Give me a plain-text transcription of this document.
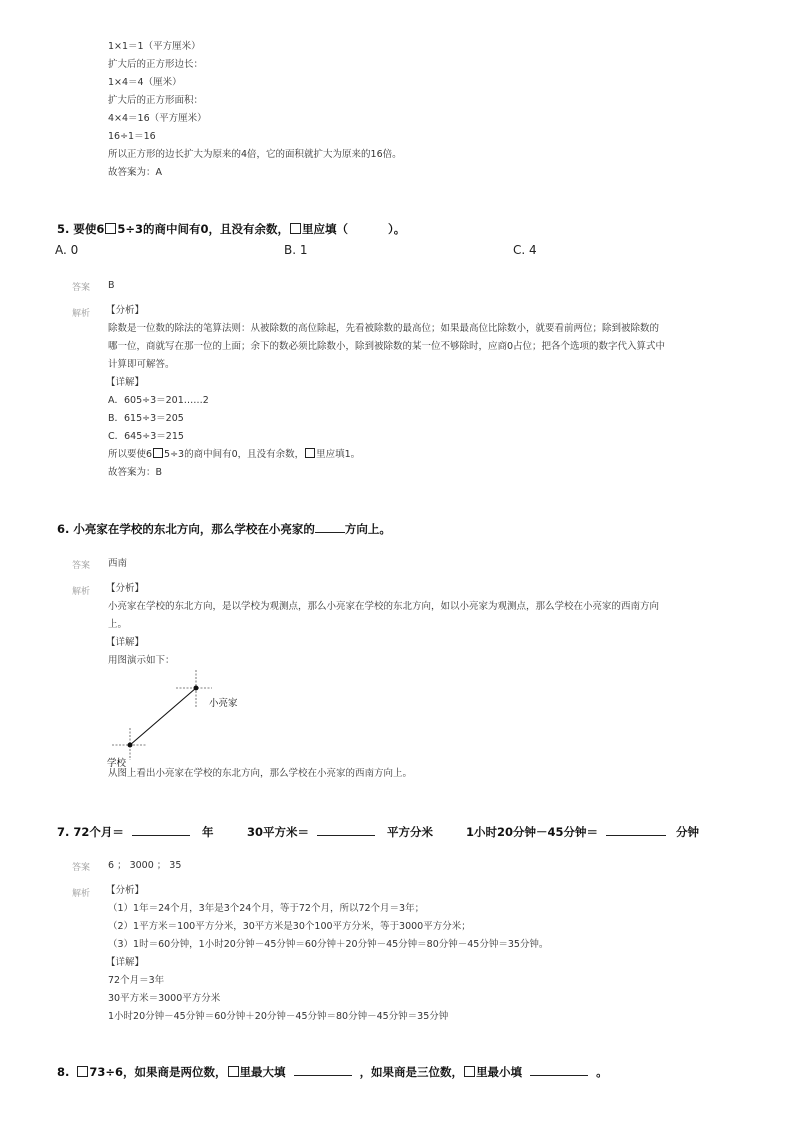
1×1＝1（平方厘米）
扩大后的正方形边长：
1×4＝4（厘米）
扩大后的正方形面积：
4×4＝16（平方厘米）
16÷1＝16
所以正方形的边长扩大为原来的4倍，它的面积就扩大为原来的16倍。
故答案为：A
5. 要使6 5÷3的商中间有0，且没有余数， 里应填（	）。
A. 0	B. 1	C. 4
答案 B
解析 【分析】
除数是一位数的除法的笔算法则：从被除数的高位除起，先看被除数的最高位；如果最高位比除数小，就要看前两位；除到被除数的
哪一位，商就写在那一位的上面；余下的数必须比除数小，除到被除数的某一位不够除时，应商0占位；把各个选项的数字代入算式中
计算即可解答。
【详解】
A．605÷3＝201……2
B．615÷3＝205
C．645÷3＝215
所以要使6 5÷3的商中间有0，且没有余数， 里应填1。
故答案为：B
6. 小亮家在学校的东北方向，那么学校在小亮家的	方向上。
答案 西南
解析 【分析】
小亮家在学校的东北方向，是以学校为观测点，那么小亮家在学校的东北方向，如以小亮家为观测点，那么学校在小亮家的西南方向
上。
【详解】
用图演示如下：
小亮家
学校
从图上看出小亮家在学校的东北方向，那么学校在小亮家的西南方向上。
7. 72个月＝	年	30平方米＝	平方分米	1小时20分钟－45分钟＝	分钟
答案 6 ； 3000 ； 35
解析 【分析】
（1）1年＝24个月，3年是3个24个月，等于72个月，所以72个月＝3年；
（2）1平方米＝100平方分米，30平方米是30个100平方分米，等于3000平方分米；
（3）1时＝60分钟，1小时20分钟－45分钟＝60分钟＋20分钟－45分钟＝80分钟－45分钟＝35分钟。
【详解】
72个月＝3年
30平方米＝3000平方分米
1小时20分钟－45分钟＝60分钟＋20分钟－45分钟＝80分钟－45分钟＝35分钟
8. 73÷6，如果商是两位数， 里最大填	，如果商是三位数， 里最小填	。
